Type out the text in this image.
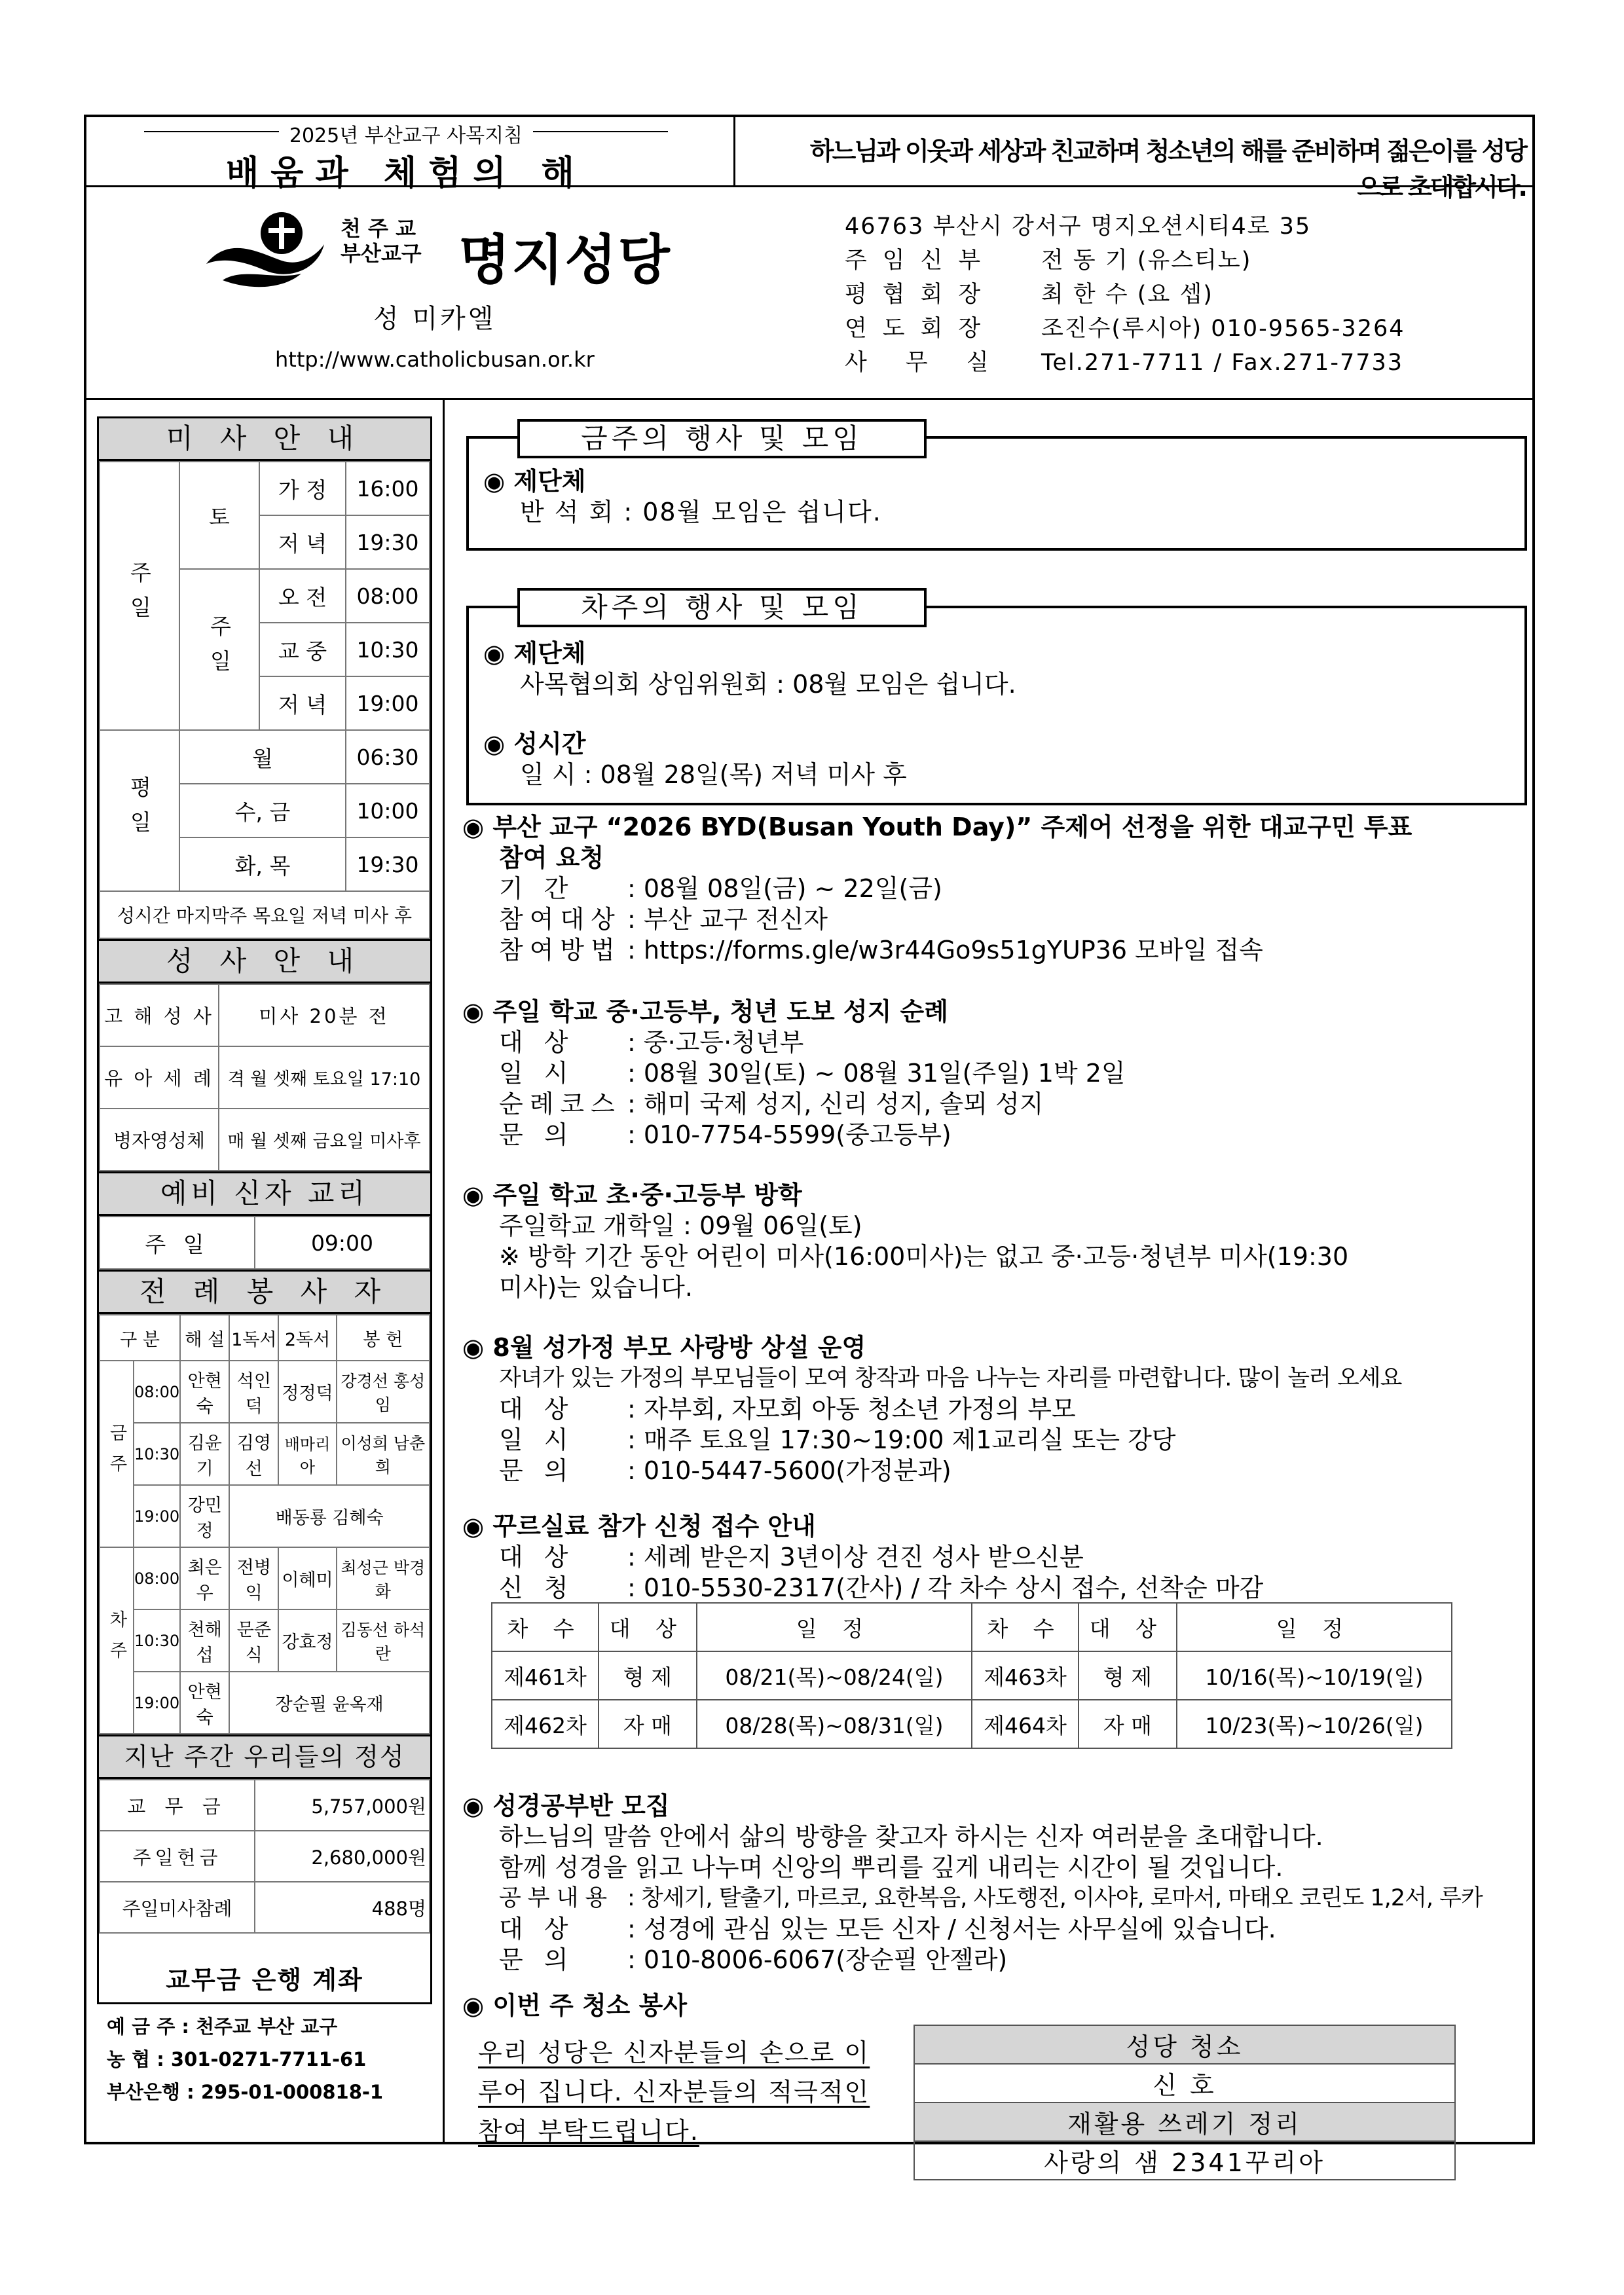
2025년 부산교구 사목지침
배움과 체험의 해
하느님과 이웃과 세상과 친교하며 청소년의 해를 준비하며 젊은이를 성당으로 초대합시다.
천 주 교
부산교구 명지성당
성 미카엘
http://www.catholicbusan.or.kr
46763 부산시 강서구 명지오션시티4로 35
주임신부 전 동 기 (유스티노)
평협회장 최 한 수 (요 셉)
연도회장 조진수(루시아) 010-9565-3264
사 무 실 Tel.271-7711 / Fax.271-7733
미 사 안 내
주일	토	가 정	16:00
		저 녁	19:30
	주일	오 전	08:00
		교 중	10:30
		저 녁	19:00
평일	월		06:30
	수, 금		10:00
	화, 목		19:30
성시간 마지막주 목요일 저녁 미사 후			
성 사 안 내
고 해 성 사	미사 20분 전
유 아 세 례	격 월 셋째 토요일 17:10
병자영성체	매 월 셋째 금요일 미사후
예비 신자 교리
주 일	09:00
전 례 봉 사 자
구 분		해 설	1독서	2독서	봉 헌
금주	08:00	안현숙	석인덕	정정덕	강경선 홍성임
	10:30	김윤기	김영선	배마리아	이성희 남춘희
	19:00	강민정	배동룡 김혜숙		
차주	08:00	최은우	전병익	이혜미	최성근 박경화
	10:30	천해섭	문준식	강효정	김동선 하석란
	19:00	안현숙	장순필 윤옥재		
지난 주간 우리들의 정성
교 무 금	5,757,000원
주일헌금	2,680,000원
주일미사참례	488명
교무금 은행 계좌
예 금 주 : 천주교 부산 교구
농 협 : 301-0271-7711-61
부산은행 : 295-01-000818-1
금주의 행사 및 모임
◉ 제단체
반 석 회 : 08월 모임은 쉽니다.
차주의 행사 및 모임
◉ 제단체
사목협의회 상임위원회 : 08월 모임은 쉽니다.
◉ 성시간
일 시 : 08월 28일(목) 저녁 미사 후
◉ 부산 교구 “2026 BYD(Busan Youth Day)” 주제어 선정을 위한 대교구민 투표
참여 요청
기 간 : 08월 08일(금) ~ 22일(금)
참여대상 : 부산 교구 전신자
참여방법 : https://forms.gle/w3r44Go9s51gYUP36 모바일 접속
◉ 주일 학교 중·고등부, 청년 도보 성지 순례
대 상 : 중·고등·청년부
일 시 : 08월 30일(토) ~ 08월 31일(주일) 1박 2일
순례코스 : 해미 국제 성지, 신리 성지, 솔뫼 성지
문 의 : 010-7754-5599(중고등부)
◉ 주일 학교 초·중·고등부 방학
주일학교 개학일 : 09월 06일(토)
※ 방학 기간 동안 어린이 미사(16:00미사)는 없고 중·고등·청년부 미사(19:30
미사)는 있습니다.
◉ 8월 성가정 부모 사랑방 상설 운영
자녀가 있는 가정의 부모님들이 모여 창작과 마음 나누는 자리를 마련합니다. 많이 놀러 오세요
대 상 : 자부회, 자모회 아동 청소년 가정의 부모
일 시 : 매주 토요일 17:30~19:00 제1교리실 또는 강당
문 의 : 010-5447-5600(가정분과)
◉ 꾸르실료 참가 신청 접수 안내
대 상 : 세례 받은지 3년이상 견진 성사 받으신분
신 청 : 010-5530-2317(간사) / 각 차수 상시 접수, 선착순 마감
차 수	대 상	일 정	차 수	대 상	일 정
제461차	형 제	08/21(목)~08/24(일)	제463차	형 제	10/16(목)~10/19(일)
제462차	자 매	08/28(목)~08/31(일)	제464차	자 매	10/23(목)~10/26(일)
◉ 성경공부반 모집
하느님의 말씀 안에서 삶의 방향을 찾고자 하시는 신자 여러분을 초대합니다.
함께 성경을 읽고 나누며 신앙의 뿌리를 깊게 내리는 시간이 될 것입니다.
공부내용 : 창세기, 탈출기, 마르코, 요한복음, 사도행전, 이사야, 로마서, 마태오 코린도 1,2서, 루카
대 상 : 성경에 관심 있는 모든 신자 / 신청서는 사무실에 있습니다.
문 의 : 010-8006-6067(장순필 안젤라)
◉ 이번 주 청소 봉사
우리 성당은 신자분들의 손으로 이루어 집니다. 신자분들의 적극적인 참여 부탁드립니다.
성당 청소
신 호
재활용 쓰레기 정리
사랑의 샘 2341꾸리아
